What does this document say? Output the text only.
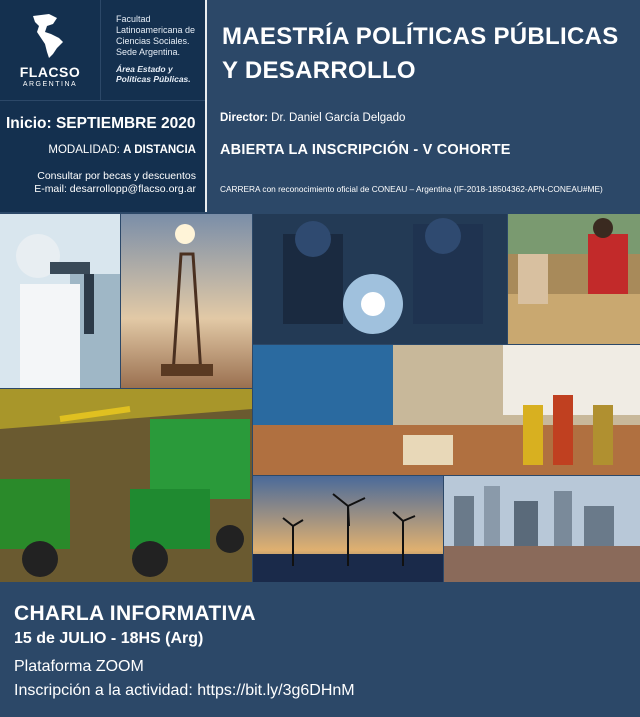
FLACSO
ARGENTINA
Facultad
Latinoamericana de
Ciencias Sociales.
Sede Argentina.
Área Estado y
Políticas Públicas.
Inicio: SEPTIEMBRE 2020
MODALIDAD: A DISTANCIA
Consultar por becas y descuentos
E-mail: desarrollopp@flacso.org.ar
MAESTRÍA POLÍTICAS PÚBLICAS
Y DESARROLLO
Director: Dr. Daniel García Delgado
ABIERTA LA INSCRIPCIÓN - V COHORTE
CARRERA con reconocimiento oficial de CONEAU – Argentina (IF-2018-18504362-APN-CONEAU#ME)
CHARLA INFORMATIVA
15 de JULIO - 18HS (Arg)
Plataforma ZOOM
Inscripción a la actividad: https://bit.ly/3g6DHnM
